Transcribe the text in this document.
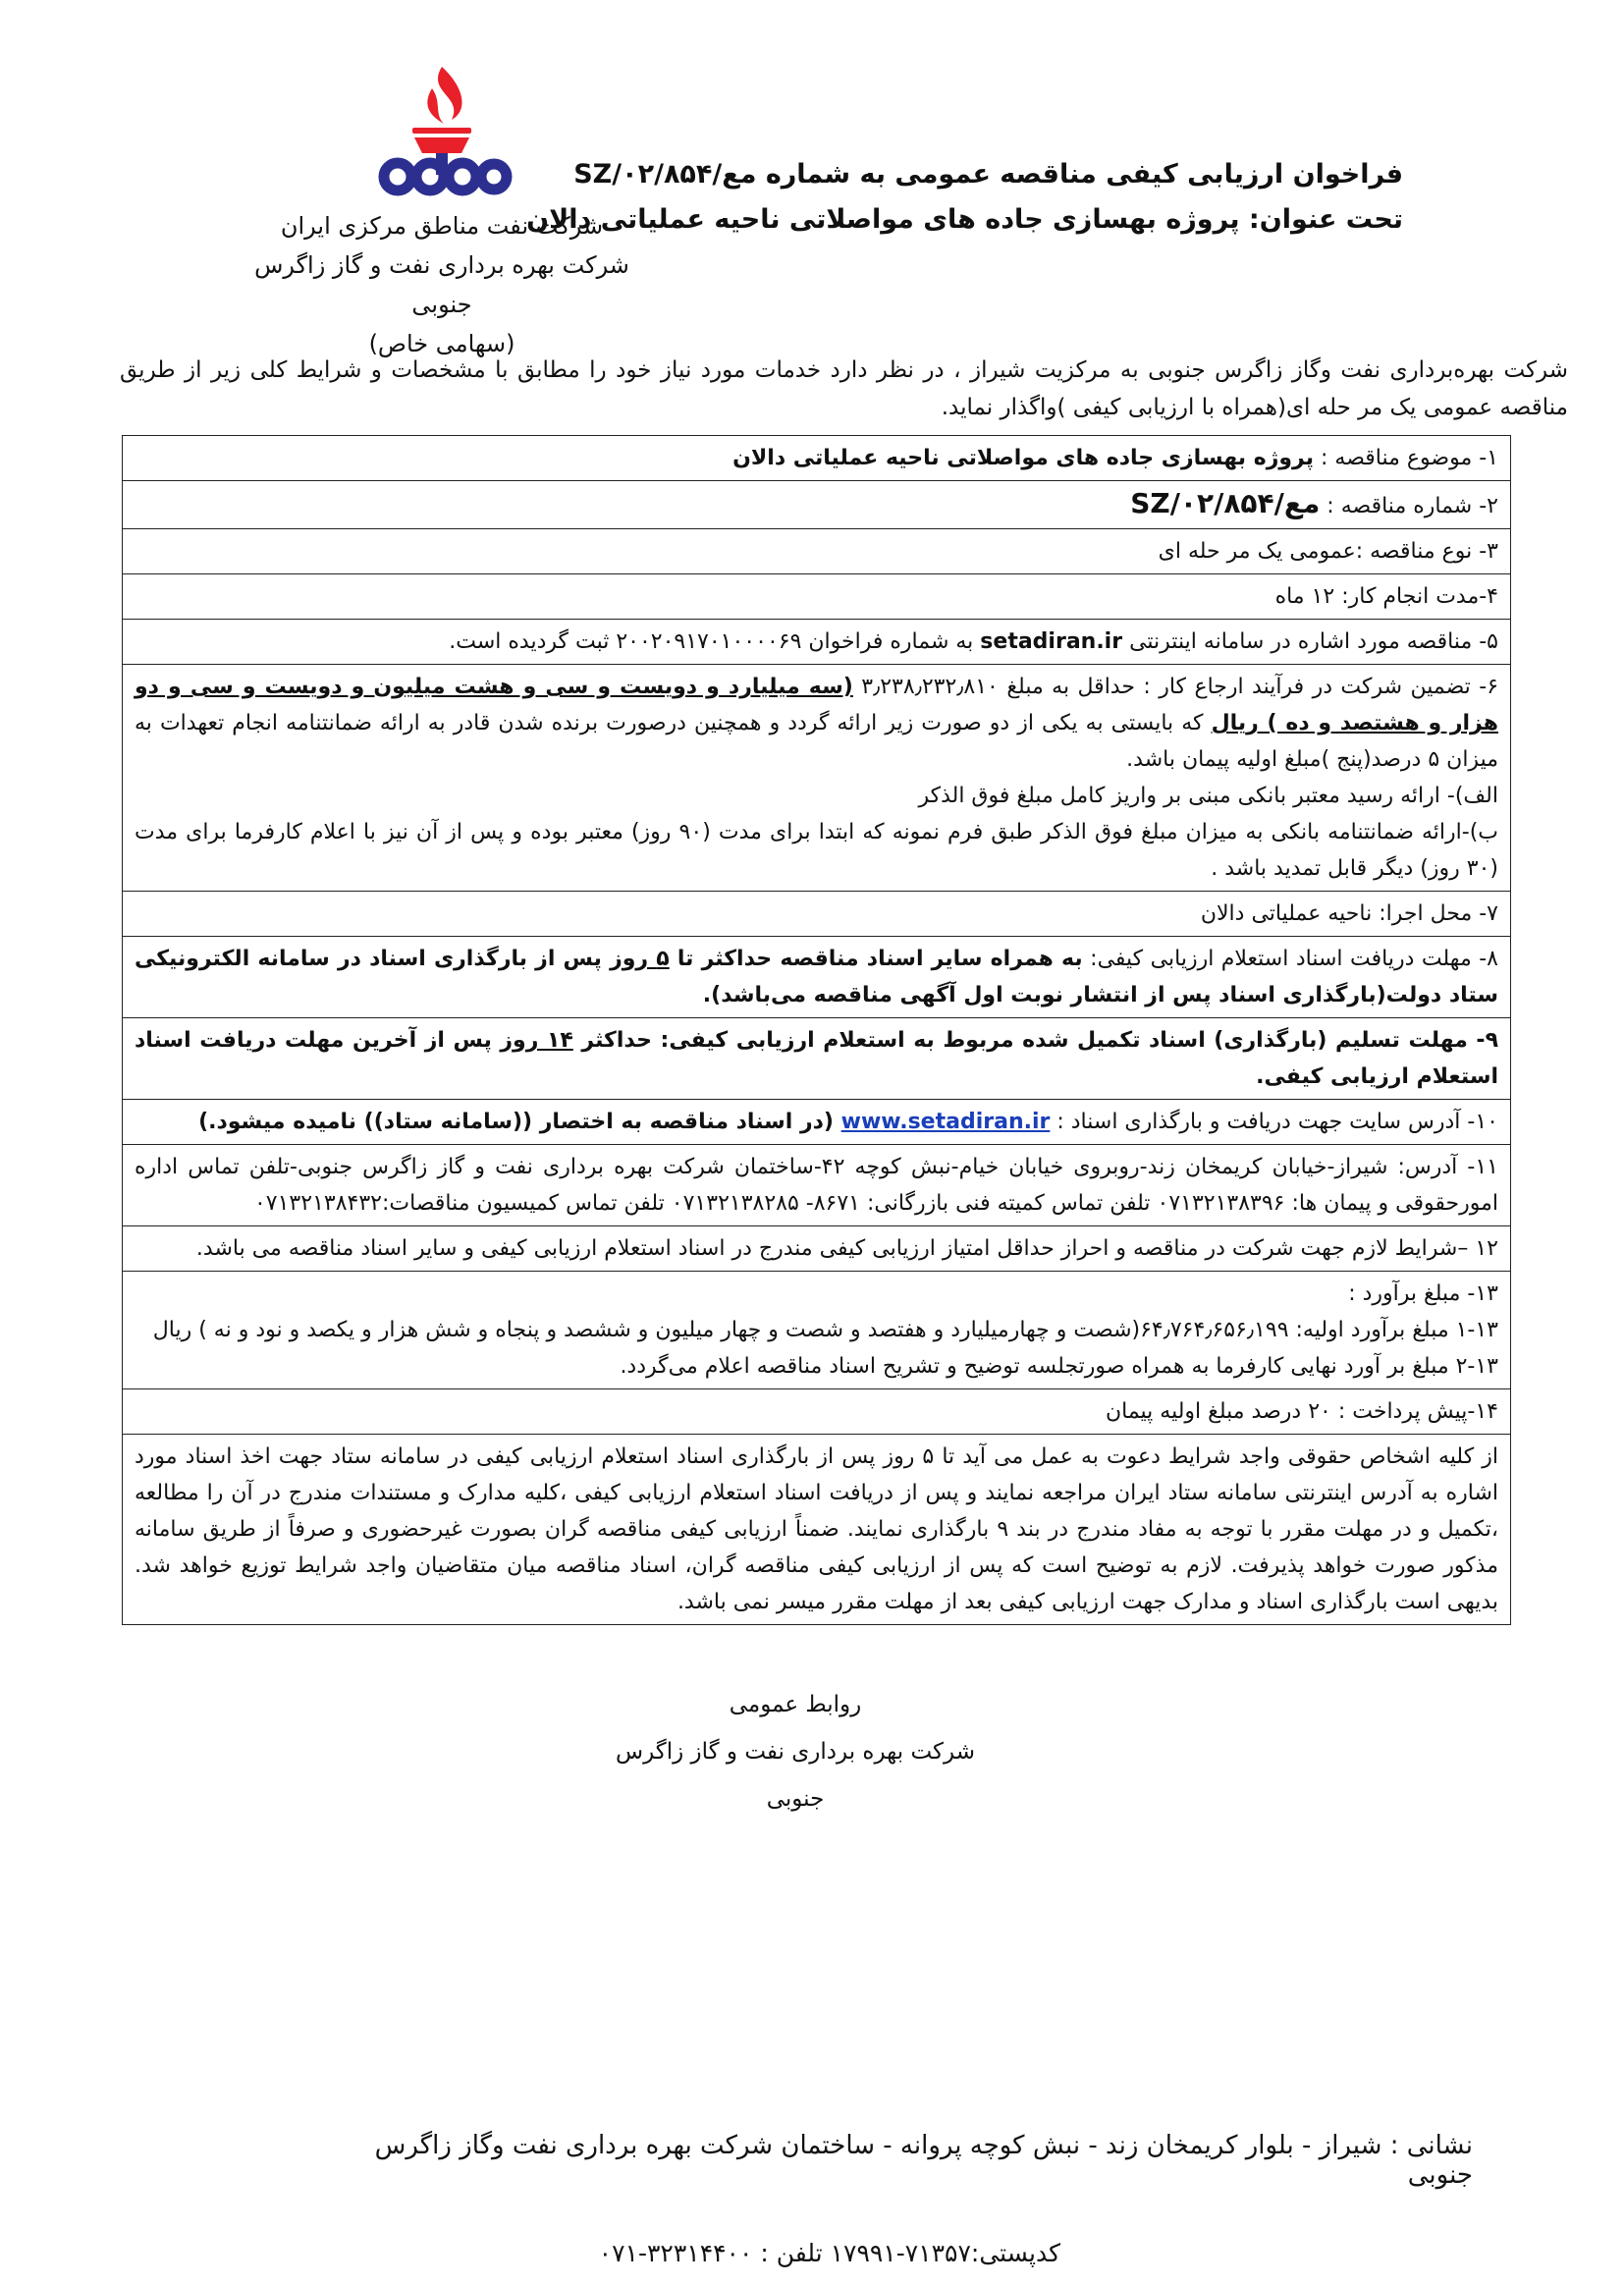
شرکت نفت مناطق مرکزی ایران
شرکت بهره برداری نفت و گاز زاگرس جنوبی
(سهامی خاص)
فراخوان ارزیابی کیفی مناقصه عمومی به شماره مع/۰۲/۸۵۴/SZ
تحت عنوان: پروژه بهسازی جاده های مواصلاتی ناحیه عملیاتی دالان
شرکت بهره‌برداری نفت وگاز زاگرس جنوبی به مرکزیت شیراز ، در نظر دارد خدمات مورد نیاز خود را مطابق با مشخصات و شرایط کلی زیر از طریق مناقصه عمومی یک مر حله ای(همراه با ارزیابی کیفی )واگذار نماید.
۱- موضوع مناقصه : پروژه بهسازی جاده های مواصلاتی ناحیه عملیاتی دالان
۲- شماره مناقصه : مع/۰۲/۸۵۴/SZ
۳- نوع مناقصه :عمومی یک مر حله ای
۴-مدت انجام کار: ۱۲ ماه
۵- مناقصه مورد اشاره در سامانه اینترنتی setadiran.ir به شماره فراخوان ۲۰۰۲۰۹۱۷۰۱۰۰۰۰۶۹ ثبت گردیده است.

۶- تضمین شرکت در فرآیند ارجاع کار : حداقل به مبلغ ۳٫۲۳۸٫۲۳۲٫۸۱۰ (سه میلیارد و دویست و سی و هشت میلیون و دویست و سی و دو هزار و هشتصد و ده ) ریال که بایستی به یکی از دو صورت زیر ارائه گردد و همچنین درصورت برنده شدن قادر به ارائه ضمانتنامه انجام تعهدات به میزان ۵ درصد(پنج )مبلغ اولیه پیمان باشد.
الف)- ارائه رسید معتبر بانکی مبنی بر واریز کامل مبلغ فوق الذکر
ب)-ارائه ضمانتنامه بانکی به میزان مبلغ فوق الذکر طبق فرم نمونه که ابتدا برای مدت (۹۰ روز) معتبر بوده و پس از آن نیز با اعلام کارفرما برای مدت (۳۰ روز) دیگر قابل تمدید باشد .

۷- محل اجرا: ناحیه عملیاتی دالان
۸- مهلت دریافت اسناد استعلام ارزیابی کیفی: به همراه سایر اسناد مناقصه حداکثر تا ۵ روز پس از بارگذاری اسناد در سامانه الکترونیکی ستاد دولت(بارگذاری اسناد پس از انتشار نوبت اول آگهی مناقصه می‌باشد).
۹- مهلت تسلیم (بارگذاری) اسناد تکمیل شده مربوط به استعلام ارزیابی کیفی: حداکثر ۱۴ روز پس از آخرین مهلت دریافت اسناد استعلام ارزیابی کیفی.
۱۰- آدرس سایت جهت دریافت و بارگذاری اسناد : www.setadiran.ir (در اسناد مناقصه به اختصار ((سامانه ستاد)) نامیده میشود.)
۱۱- آدرس: شیراز-خیابان کریمخان زند-روبروی خیابان خیام-نبش کوچه ۴۲-ساختمان شرکت بهره برداری نفت و گاز زاگرس جنوبی-تلفن تماس اداره امورحقوقی و پیمان ها: ۰۷۱۳۲۱۳۸۳۹۶ تلفن تماس کمیته فنی بازرگانی: ۸۶۷۱- ۰۷۱۳۲۱۳۸۲۸۵ تلفن تماس کمیسیون مناقصات:۰۷۱۳۲۱۳۸۴۳۲
۱۲ –شرایط لازم جهت شرکت در مناقصه و احراز حداقل امتیاز ارزیابی کیفی مندرج در اسناد استعلام ارزیابی کیفی و سایر اسناد مناقصه می باشد.

۱۳- مبلغ برآورد :
۱-۱۳ مبلغ برآورد اولیه: ۶۴٫۷۶۴٫۶۵۶٫۱۹۹(شصت و چهارمیلیارد و هفتصد و شصت و چهار میلیون و ششصد و پنجاه و شش هزار و یکصد و نود و نه ) ریال
۲-۱۳ مبلغ بر آورد نهایی کارفرما به همراه صورتجلسه توضیح و تشریح اسناد مناقصه اعلام می‌گردد.

۱۴-پیش پرداخت : ۲۰ درصد مبلغ اولیه پیمان
از کلیه اشخاص حقوقی واجد شرایط دعوت به عمل می آید تا ۵ روز پس از بارگذاری اسناد استعلام ارزیابی کیفی در سامانه ستاد جهت اخذ اسناد مورد اشاره به آدرس اینترنتی سامانه ستاد ایران مراجعه نمایند و پس از دریافت اسناد استعلام ارزیابی کیفی ،کلیه مدارک و مستندات مندرج در آن را مطالعه ،تکمیل و در مهلت مقرر با توجه به مفاد مندرج در بند ۹ بارگذاری نمایند. ضمناً ارزیابی کیفی مناقصه گران بصورت غیرحضوری و صرفاً از طریق سامانه مذکور صورت خواهد پذیرفت. لازم به توضیح است که پس از ارزیابی کیفی مناقصه گران، اسناد مناقصه میان متقاضیان واجد شرایط توزیع خواهد شد. بدیهی است بارگذاری اسناد و مدارک جهت ارزیابی کیفی بعد از مهلت مقرر میسر نمی باشد.
روابط عمومی
شرکت بهره برداری نفت و گاز زاگرس جنوبی
نشانی : شیراز - بلوار کریمخان زند - نبش کوچه پروانه - ساختمان شرکت بهره برداری نفت وگاز زاگرس جنوبی
کدپستی:۷۱۳۵۷-۱۷۹۹۱ تلفن : ۳۲۳۱۴۴۰۰-۰۷۱
